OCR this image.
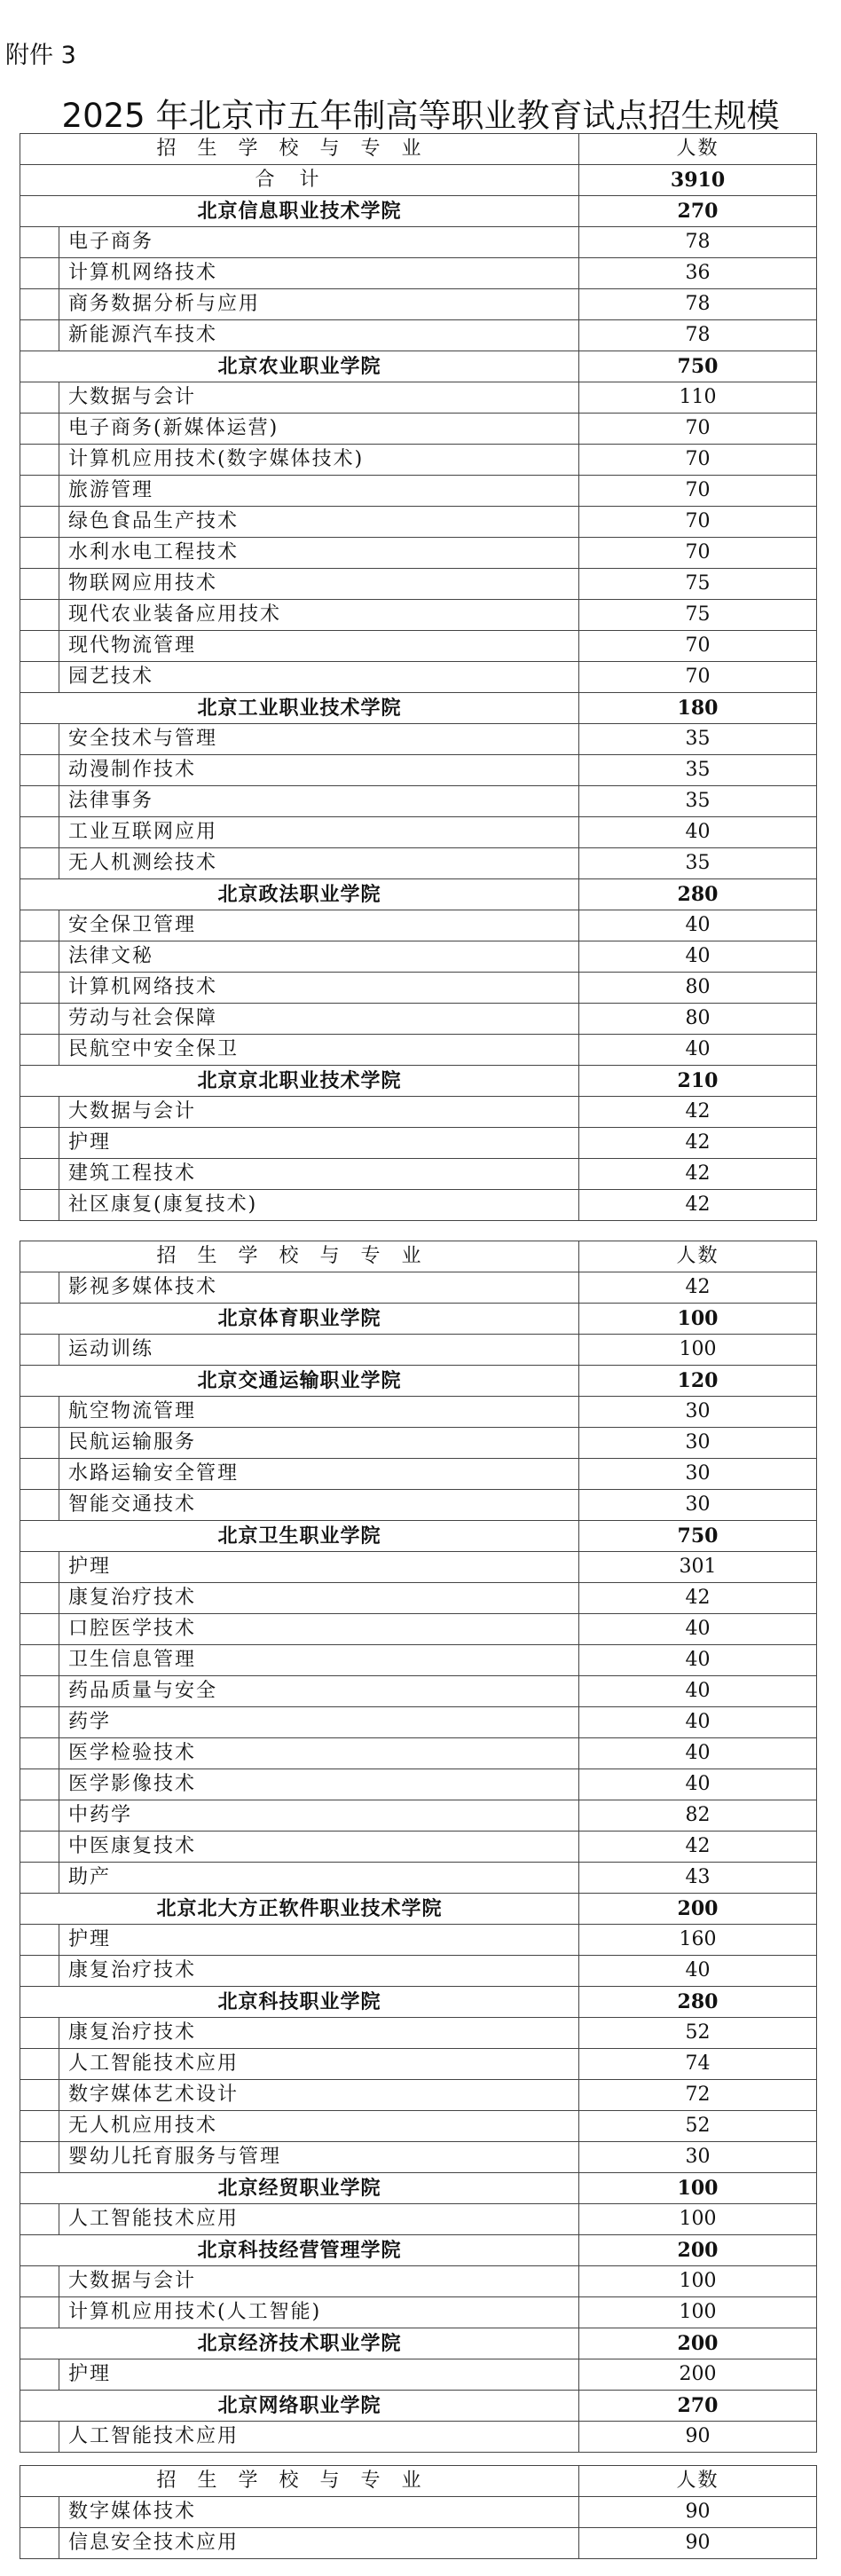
附件 3
2025 年北京市五年制高等职业教育试点招生规模
招生学校与专业		人数
合计		3910
北京信息职业技术学院		270
	电子商务	78
	计算机网络技术	36
	商务数据分析与应用	78
	新能源汽车技术	78
北京农业职业学院		750
	大数据与会计	110
	电子商务(新媒体运营)	70
	计算机应用技术(数字媒体技术)	70
	旅游管理	70
	绿色食品生产技术	70
	水利水电工程技术	70
	物联网应用技术	75
	现代农业装备应用技术	75
	现代物流管理	70
	园艺技术	70
北京工业职业技术学院		180
	安全技术与管理	35
	动漫制作技术	35
	法律事务	35
	工业互联网应用	40
	无人机测绘技术	35
北京政法职业学院		280
	安全保卫管理	40
	法律文秘	40
	计算机网络技术	80
	劳动与社会保障	80
	民航空中安全保卫	40
北京京北职业技术学院		210
	大数据与会计	42
	护理	42
	建筑工程技术	42
	社区康复(康复技术)	42
招生学校与专业		人数
	影视多媒体技术	42
北京体育职业学院		100
	运动训练	100
北京交通运输职业学院		120
	航空物流管理	30
	民航运输服务	30
	水路运输安全管理	30
	智能交通技术	30
北京卫生职业学院		750
	护理	301
	康复治疗技术	42
	口腔医学技术	40
	卫生信息管理	40
	药品质量与安全	40
	药学	40
	医学检验技术	40
	医学影像技术	40
	中药学	82
	中医康复技术	42
	助产	43
北京北大方正软件职业技术学院		200
	护理	160
	康复治疗技术	40
北京科技职业学院		280
	康复治疗技术	52
	人工智能技术应用	74
	数字媒体艺术设计	72
	无人机应用技术	52
	婴幼儿托育服务与管理	30
北京经贸职业学院		100
	人工智能技术应用	100
北京科技经营管理学院		200
	大数据与会计	100
	计算机应用技术(人工智能)	100
北京经济技术职业学院		200
	护理	200
北京网络职业学院		270
	人工智能技术应用	90
招生学校与专业		人数
	数字媒体技术	90
	信息安全技术应用	90
